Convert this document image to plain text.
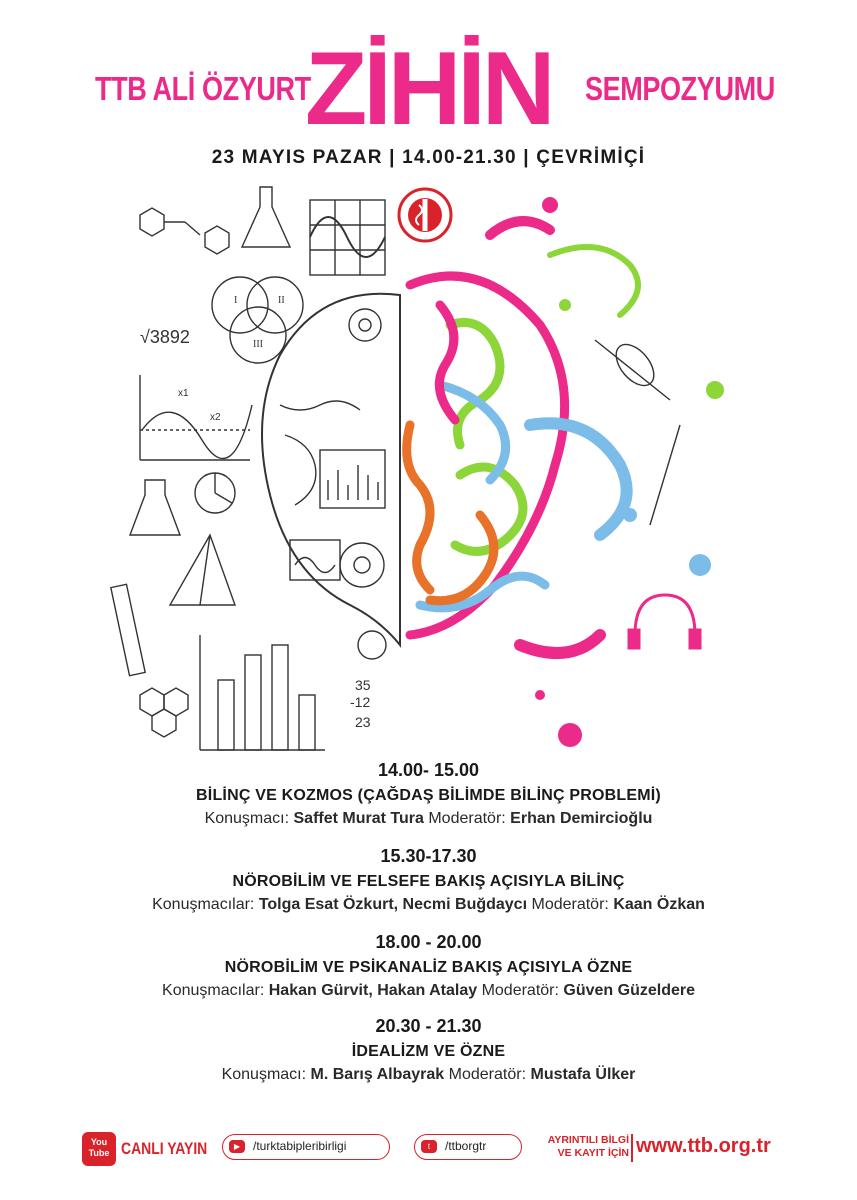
TTB ALİ ÖZYURT
ZİHİN SEMPOZYUMU
23 MAYIS PAZAR | 14.00-21.30 | ÇEVRİMİÇİ
√3892
I	II
III
x1
x2
35
-12
23
14.00- 15.00
BİLİNÇ VE KOZMOS (ÇAĞDAŞ BİLİMDE BİLİNÇ PROBLEMİ)
Konuşmacı: Saffet Murat Tura Moderatör: Erhan Demircioğlu
15.30-17.30
NÖROBİLİM VE FELSEFE BAKIŞ AÇISIYLA BİLİNÇ
Konuşmacılar: Tolga Esat Özkurt, Necmi Buğdaycı Moderatör: Kaan Özkan
18.00 - 20.00
NÖROBİLİM VE PSİKANALİZ BAKIŞ AÇISIYLA ÖZNE
Konuşmacılar: Hakan Gürvit, Hakan Atalay Moderatör: Güven Güzeldere
20.30 - 21.30
İDEALİZM VE ÖZNE
Konuşmacı: M. Barış Albayrak Moderatör: Mustafa Ülker
You
Tube CANLI YAYIN	▶	/turktabipleribirligi	t	/ttborgtr	AYRINTILI BİLGİ
VE KAYIT İÇİN www.ttb.org.tr
